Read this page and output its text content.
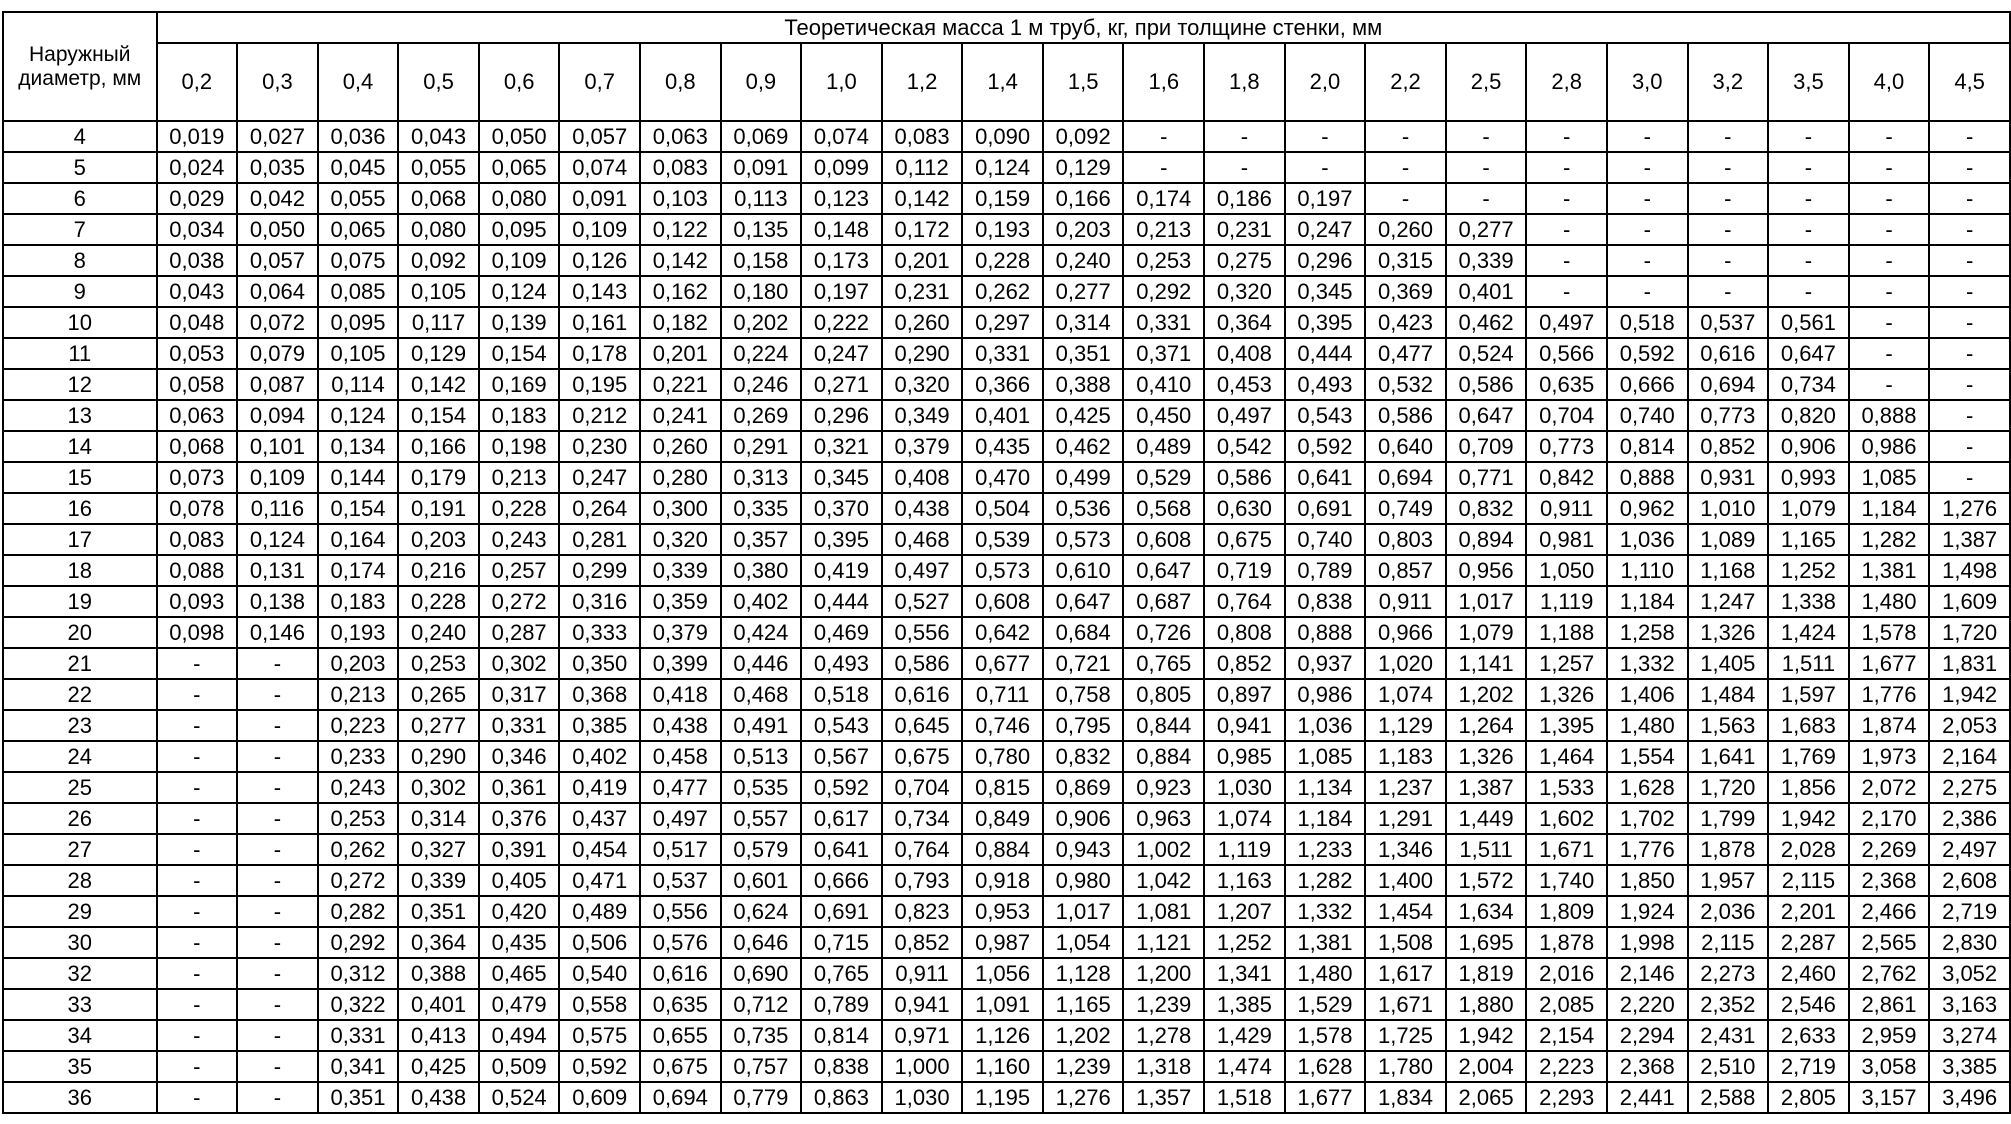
Наружный диаметр, мм	Теоретическая масса 1 м труб, кг, при толщине стенки, мм																						
	0,2	0,3	0,4	0,5	0,6	0,7	0,8	0,9	1,0	1,2	1,4	1,5	1,6	1,8	2,0	2,2	2,5	2,8	3,0	3,2	3,5	4,0	4,5
4	0,019	0,027	0,036	0,043	0,050	0,057	0,063	0,069	0,074	0,083	0,090	0,092	-	-	-	-	-	-	-	-	-	-	-
5	0,024	0,035	0,045	0,055	0,065	0,074	0,083	0,091	0,099	0,112	0,124	0,129	-	-	-	-	-	-	-	-	-	-	-
6	0,029	0,042	0,055	0,068	0,080	0,091	0,103	0,113	0,123	0,142	0,159	0,166	0,174	0,186	0,197	-	-	-	-	-	-	-	-
7	0,034	0,050	0,065	0,080	0,095	0,109	0,122	0,135	0,148	0,172	0,193	0,203	0,213	0,231	0,247	0,260	0,277	-	-	-	-	-	-
8	0,038	0,057	0,075	0,092	0,109	0,126	0,142	0,158	0,173	0,201	0,228	0,240	0,253	0,275	0,296	0,315	0,339	-	-	-	-	-	-
9	0,043	0,064	0,085	0,105	0,124	0,143	0,162	0,180	0,197	0,231	0,262	0,277	0,292	0,320	0,345	0,369	0,401	-	-	-	-	-	-
10	0,048	0,072	0,095	0,117	0,139	0,161	0,182	0,202	0,222	0,260	0,297	0,314	0,331	0,364	0,395	0,423	0,462	0,497	0,518	0,537	0,561	-	-
11	0,053	0,079	0,105	0,129	0,154	0,178	0,201	0,224	0,247	0,290	0,331	0,351	0,371	0,408	0,444	0,477	0,524	0,566	0,592	0,616	0,647	-	-
12	0,058	0,087	0,114	0,142	0,169	0,195	0,221	0,246	0,271	0,320	0,366	0,388	0,410	0,453	0,493	0,532	0,586	0,635	0,666	0,694	0,734	-	-
13	0,063	0,094	0,124	0,154	0,183	0,212	0,241	0,269	0,296	0,349	0,401	0,425	0,450	0,497	0,543	0,586	0,647	0,704	0,740	0,773	0,820	0,888	-
14	0,068	0,101	0,134	0,166	0,198	0,230	0,260	0,291	0,321	0,379	0,435	0,462	0,489	0,542	0,592	0,640	0,709	0,773	0,814	0,852	0,906	0,986	-
15	0,073	0,109	0,144	0,179	0,213	0,247	0,280	0,313	0,345	0,408	0,470	0,499	0,529	0,586	0,641	0,694	0,771	0,842	0,888	0,931	0,993	1,085	-
16	0,078	0,116	0,154	0,191	0,228	0,264	0,300	0,335	0,370	0,438	0,504	0,536	0,568	0,630	0,691	0,749	0,832	0,911	0,962	1,010	1,079	1,184	1,276
17	0,083	0,124	0,164	0,203	0,243	0,281	0,320	0,357	0,395	0,468	0,539	0,573	0,608	0,675	0,740	0,803	0,894	0,981	1,036	1,089	1,165	1,282	1,387
18	0,088	0,131	0,174	0,216	0,257	0,299	0,339	0,380	0,419	0,497	0,573	0,610	0,647	0,719	0,789	0,857	0,956	1,050	1,110	1,168	1,252	1,381	1,498
19	0,093	0,138	0,183	0,228	0,272	0,316	0,359	0,402	0,444	0,527	0,608	0,647	0,687	0,764	0,838	0,911	1,017	1,119	1,184	1,247	1,338	1,480	1,609
20	0,098	0,146	0,193	0,240	0,287	0,333	0,379	0,424	0,469	0,556	0,642	0,684	0,726	0,808	0,888	0,966	1,079	1,188	1,258	1,326	1,424	1,578	1,720
21	-	-	0,203	0,253	0,302	0,350	0,399	0,446	0,493	0,586	0,677	0,721	0,765	0,852	0,937	1,020	1,141	1,257	1,332	1,405	1,511	1,677	1,831
22	-	-	0,213	0,265	0,317	0,368	0,418	0,468	0,518	0,616	0,711	0,758	0,805	0,897	0,986	1,074	1,202	1,326	1,406	1,484	1,597	1,776	1,942
23	-	-	0,223	0,277	0,331	0,385	0,438	0,491	0,543	0,645	0,746	0,795	0,844	0,941	1,036	1,129	1,264	1,395	1,480	1,563	1,683	1,874	2,053
24	-	-	0,233	0,290	0,346	0,402	0,458	0,513	0,567	0,675	0,780	0,832	0,884	0,985	1,085	1,183	1,326	1,464	1,554	1,641	1,769	1,973	2,164
25	-	-	0,243	0,302	0,361	0,419	0,477	0,535	0,592	0,704	0,815	0,869	0,923	1,030	1,134	1,237	1,387	1,533	1,628	1,720	1,856	2,072	2,275
26	-	-	0,253	0,314	0,376	0,437	0,497	0,557	0,617	0,734	0,849	0,906	0,963	1,074	1,184	1,291	1,449	1,602	1,702	1,799	1,942	2,170	2,386
27	-	-	0,262	0,327	0,391	0,454	0,517	0,579	0,641	0,764	0,884	0,943	1,002	1,119	1,233	1,346	1,511	1,671	1,776	1,878	2,028	2,269	2,497
28	-	-	0,272	0,339	0,405	0,471	0,537	0,601	0,666	0,793	0,918	0,980	1,042	1,163	1,282	1,400	1,572	1,740	1,850	1,957	2,115	2,368	2,608
29	-	-	0,282	0,351	0,420	0,489	0,556	0,624	0,691	0,823	0,953	1,017	1,081	1,207	1,332	1,454	1,634	1,809	1,924	2,036	2,201	2,466	2,719
30	-	-	0,292	0,364	0,435	0,506	0,576	0,646	0,715	0,852	0,987	1,054	1,121	1,252	1,381	1,508	1,695	1,878	1,998	2,115	2,287	2,565	2,830
32	-	-	0,312	0,388	0,465	0,540	0,616	0,690	0,765	0,911	1,056	1,128	1,200	1,341	1,480	1,617	1,819	2,016	2,146	2,273	2,460	2,762	3,052
33	-	-	0,322	0,401	0,479	0,558	0,635	0,712	0,789	0,941	1,091	1,165	1,239	1,385	1,529	1,671	1,880	2,085	2,220	2,352	2,546	2,861	3,163
34	-	-	0,331	0,413	0,494	0,575	0,655	0,735	0,814	0,971	1,126	1,202	1,278	1,429	1,578	1,725	1,942	2,154	2,294	2,431	2,633	2,959	3,274
35	-	-	0,341	0,425	0,509	0,592	0,675	0,757	0,838	1,000	1,160	1,239	1,318	1,474	1,628	1,780	2,004	2,223	2,368	2,510	2,719	3,058	3,385
36	-	-	0,351	0,438	0,524	0,609	0,694	0,779	0,863	1,030	1,195	1,276	1,357	1,518	1,677	1,834	2,065	2,293	2,441	2,588	2,805	3,157	3,496
